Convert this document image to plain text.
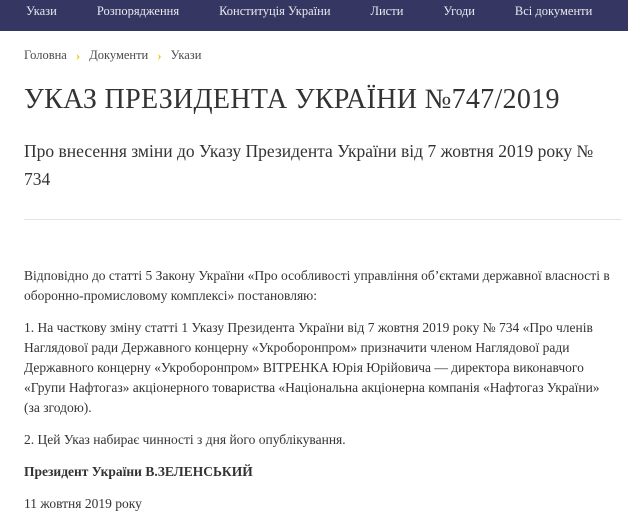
Укази	Розпорядження	Конституція України	Листи	Угоди	Всі документи
Головна › Документи › Укази
УКАЗ ПРЕЗИДЕНТА УКРАЇНИ №747/2019
Про внесення зміни до Указу Президента України від 7 жовтня 2019 року № 734

Відповідно до статті 5 Закону України «Про особливості управління об’єктами державної власності в оборонно-промисловому комплексі» постановляю:

1. На часткову зміну статті 1 Указу Президента України від 7 жовтня 2019 року № 734 «Про членів Наглядової ради Державного концерну «Укроборонпром» призначити членом Наглядової ради Державного концерну «Укроборонпром» ВІТРЕНКА Юрія Юрійовича — директора виконавчого «Групи Нафтогаз» акціонерного товариства «Національна акціонерна компанія «Нафтогаз України» (за згодою).

2. Цей Указ набирає чинності з дня його опублікування.

Президент України В.ЗЕЛЕНСЬКИЙ

11 жовтня 2019 року
